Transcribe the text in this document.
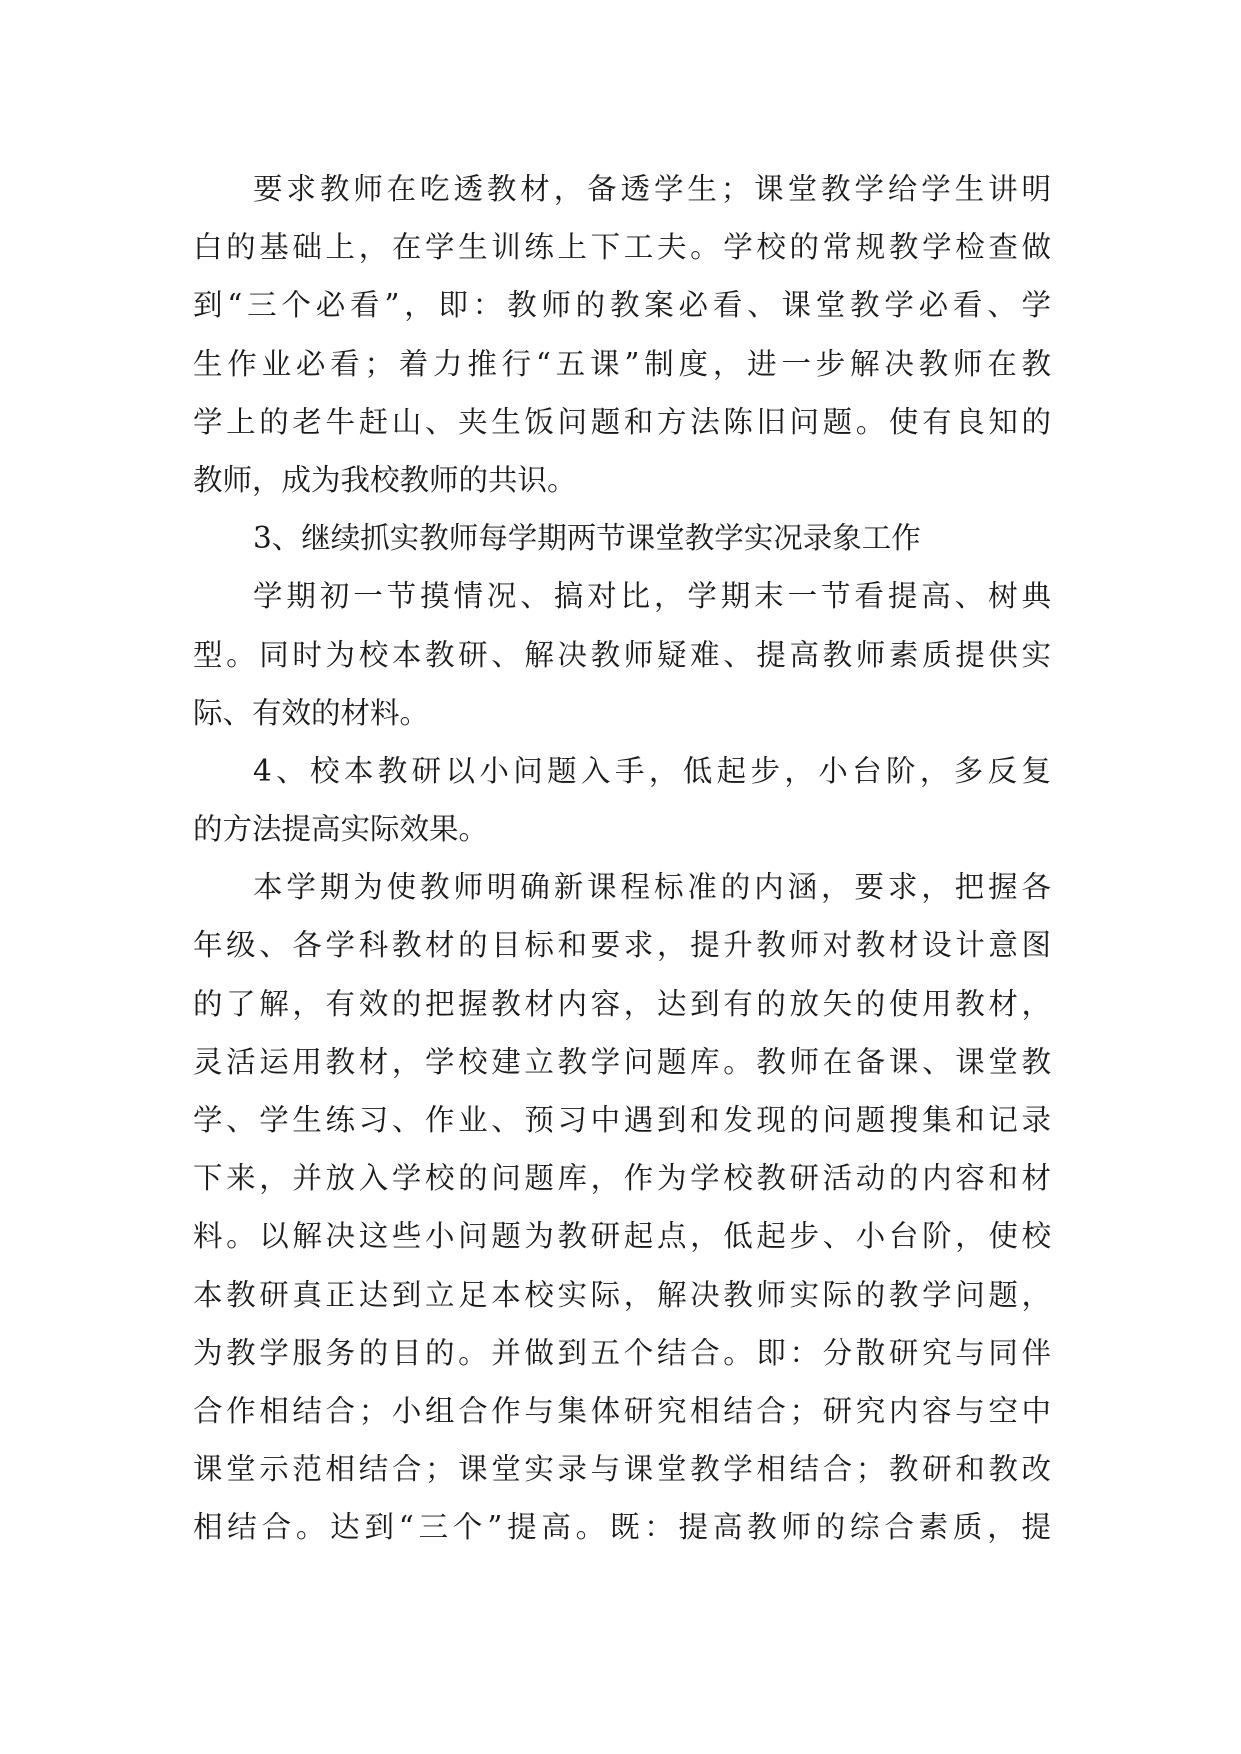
要求教师在吃透教材，备透学生；课堂教学给学生讲明
白的基础上，在学生训练上下工夫。学校的常规教学检查做
到“三个必看”，即：教师的教案必看、课堂教学必看、学
生作业必看；着力推行“五课”制度，进一步解决教师在教
学上的老牛赶山、夹生饭问题和方法陈旧问题。使有良知的
教师，成为我校教师的共识。
3、继续抓实教师每学期两节课堂教学实况录象工作
学期初一节摸情况、搞对比，学期末一节看提高、树典
型。同时为校本教研、解决教师疑难、提高教师素质提供实
际、有效的材料。
4、校本教研以小问题入手，低起步，小台阶，多反复
的方法提高实际效果。
本学期为使教师明确新课程标准的内涵，要求，把握各
年级、各学科教材的目标和要求，提升教师对教材设计意图
的了解，有效的把握教材内容，达到有的放矢的使用教材，
灵活运用教材，学校建立教学问题库。教师在备课、课堂教
学、学生练习、作业、预习中遇到和发现的问题搜集和记录
下来，并放入学校的问题库，作为学校教研活动的内容和材
料。以解决这些小问题为教研起点，低起步、小台阶，使校
本教研真正达到立足本校实际，解决教师实际的教学问题，
为教学服务的目的。并做到五个结合。即：分散研究与同伴
合作相结合；小组合作与集体研究相结合；研究内容与空中
课堂示范相结合；课堂实录与课堂教学相结合；教研和教改
相结合。达到“三个”提高。既：提高教师的综合素质，提
